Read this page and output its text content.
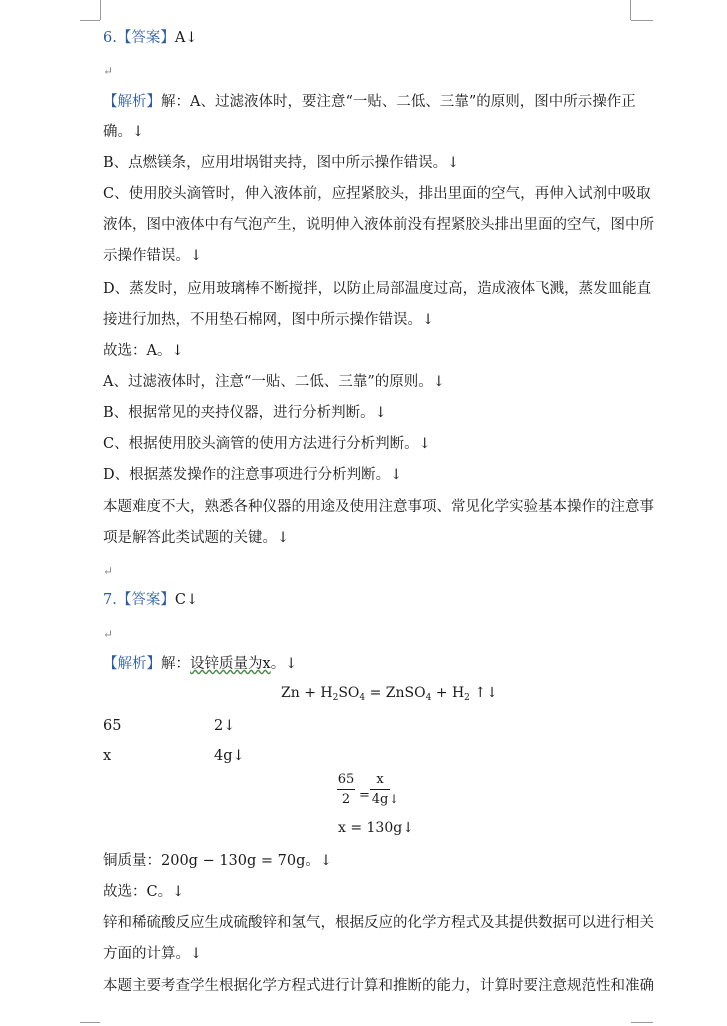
6.【答案】A↓
↵
【解析】解：A、过滤液体时，要注意“一贴、二低、三靠”的原则，图中所示操作正
确。↓
B、点燃镁条，应用坩埚钳夹持，图中所示操作错误。↓
C、使用胶头滴管时，伸入液体前，应捏紧胶头，排出里面的空气，再伸入试剂中吸取
液体，图中液体中有气泡产生，说明伸入液体前没有捏紧胶头排出里面的空气，图中所
示操作错误。↓
D、蒸发时，应用玻璃棒不断搅拌，以防止局部温度过高，造成液体飞溅，蒸发皿能直
接进行加热，不用垫石棉网，图中所示操作错误。↓
故选：A。↓
A、过滤液体时，注意“一贴、二低、三靠”的原则。↓
B、根据常见的夹持仪器，进行分析判断。↓
C、根据使用胶头滴管的使用方法进行分析判断。↓
D、根据蒸发操作的注意事项进行分析判断。↓
本题难度不大，熟悉各种仪器的用途及使用注意事项、常见化学实验基本操作的注意事
项是解答此类试题的关键。↓
↵
7.【答案】C↓
↵
【解析】解：设锌质量为x。↓
$Zn + H_2SO_4$ = ZnSO$_4$ + $H_2$ ↑↓
65	2↓
x	4g↓
65
2 =
x
4g ↓
x = 130g↓
铜质量：200g − 130g = 70g。↓
故选：C。↓
锌和稀硫酸反应生成硫酸锌和氢气，根据反应的化学方程式及其提供数据可以进行相关
方面的计算。↓
本题主要考查学生根据化学方程式进行计算和推断的能力，计算时要注意规范性和准确
